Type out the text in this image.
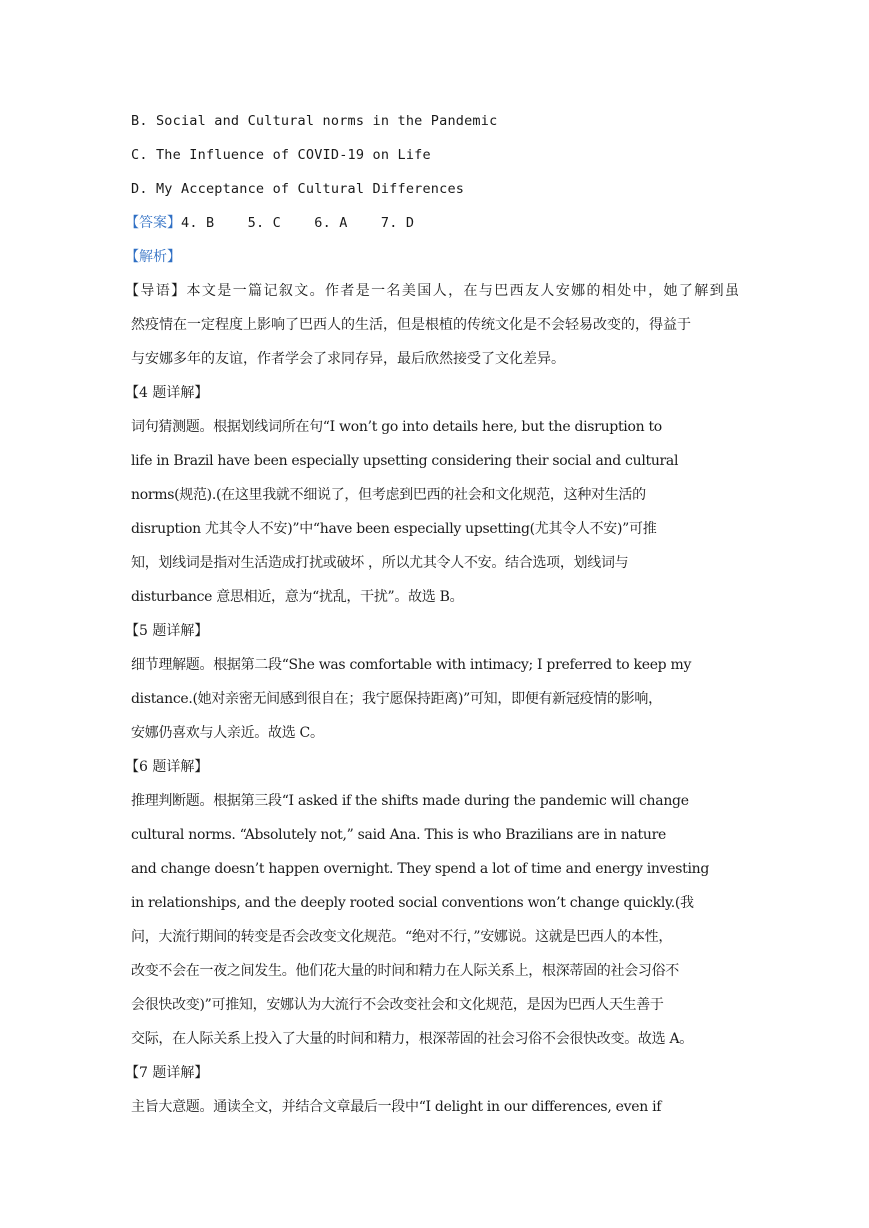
B. Social and Cultural norms in the Pandemic
C. The Influence of COVID-19 on Life
D. My Acceptance of Cultural Differences
【答案】4. B    5. C    6. A    7. D
【解析】
【导语】本文是一篇记叙文。作者是一名美国人，在与巴西友人安娜的相处中，她了解到虽
然疫情在一定程度上影响了巴西人的生活，但是根植的传统文化是不会轻易改变的，得益于
与安娜多年的友谊，作者学会了求同存异，最后欣然接受了文化差异。
【4 题详解】
词句猜测题。根据划线词所在句“I won’t go into details here, but the disruption to
life in Brazil have been especially upsetting considering their social and cultural
norms(规范).(在这里我就不细说了，但考虑到巴西的社会和文化规范，这种对生活的
disruption 尤其令人不安)”中“have been especially upsetting(尤其令人不安)”可推
知，划线词是指对生活造成打扰或破坏 ，所以尤其令人不安。结合选项，划线词与
disturbance 意思相近，意为“扰乱，干扰”。故选 B。
【5 题详解】
细节理解题。根据第二段“She was comfortable with intimacy; I preferred to keep my
distance.(她对亲密无间感到很自在；我宁愿保持距离)”可知，即便有新冠疫情的影响，
安娜仍喜欢与人亲近。故选 C。
【6 题详解】
推理判断题。根据第三段“I asked if the shifts made during the pandemic will change
cultural norms. “Absolutely not,” said Ana. This is who Brazilians are in nature
and change doesn’t happen overnight. They spend a lot of time and energy investing
in relationships, and the deeply rooted social conventions won’t change quickly.(我
问，大流行期间的转变是否会改变文化规范。“绝对不行，”安娜说。这就是巴西人的本性，
改变不会在一夜之间发生。他们花大量的时间和精力在人际关系上，根深蒂固的社会习俗不
会很快改变)”可推知，安娜认为大流行不会改变社会和文化规范，是因为巴西人天生善于
交际，在人际关系上投入了大量的时间和精力，根深蒂固的社会习俗不会很快改变。故选 A。
【7 题详解】
主旨大意题。通读全文，并结合文章最后一段中“I delight in our differences, even if
